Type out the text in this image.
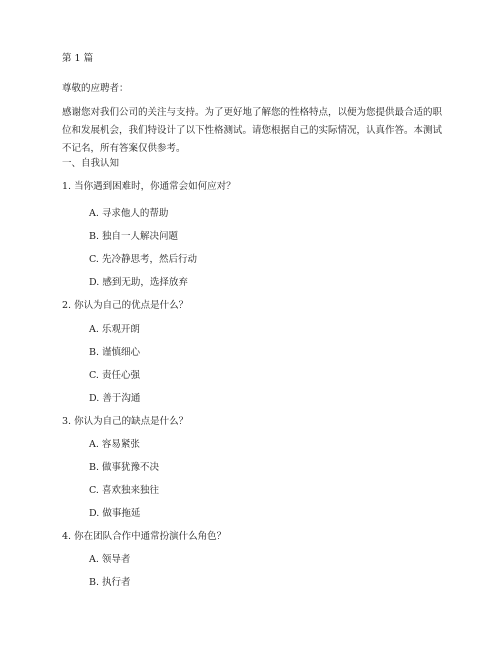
第 1 篇
尊敬的应聘者：
感谢您对我们公司的关注与支持。为了更好地了解您的性格特点，以便为您提供最合适的职位和发展机会，我们特设计了以下性格测试。请您根据自己的实际情况，认真作答。本测试不记名，所有答案仅供参考。
一、自我认知
1. 当你遇到困难时，你通常会如何应对？
A. 寻求他人的帮助
B. 独自一人解决问题
C. 先冷静思考，然后行动
D. 感到无助，选择放弃
2. 你认为自己的优点是什么？
A. 乐观开朗
B. 谨慎细心
C. 责任心强
D. 善于沟通
3. 你认为自己的缺点是什么？
A. 容易紧张
B. 做事犹豫不决
C. 喜欢独来独往
D. 做事拖延
4. 你在团队合作中通常扮演什么角色？
A. 领导者
B. 执行者
